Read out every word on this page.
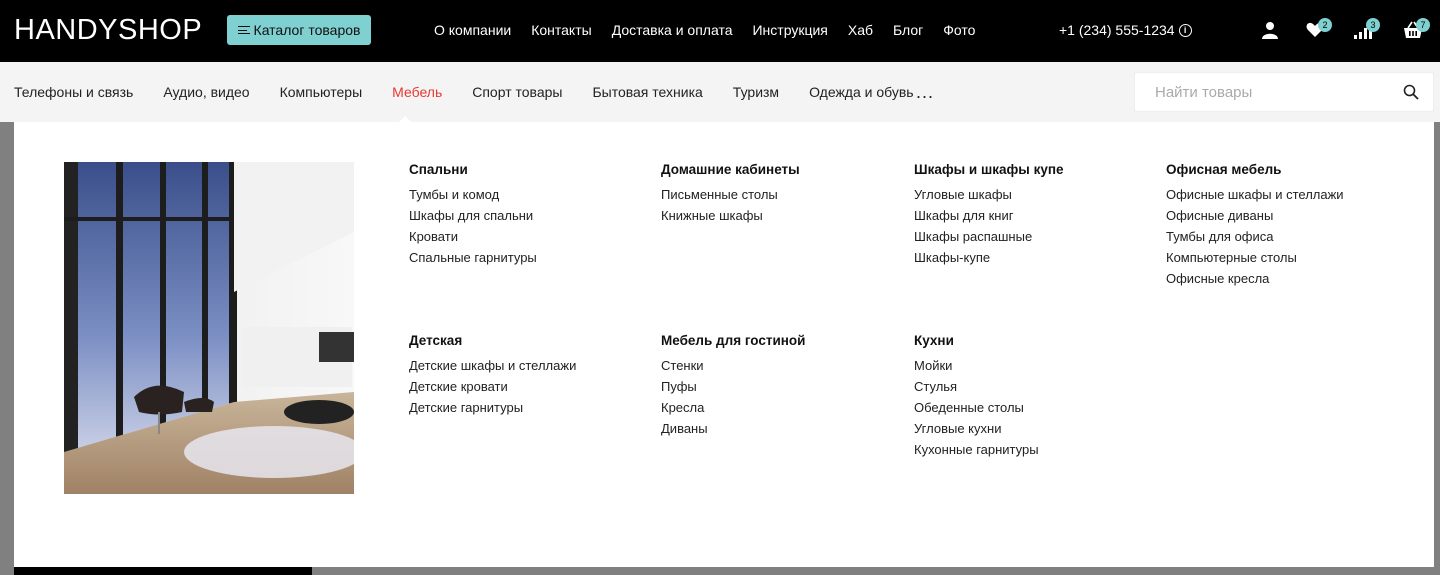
HANDYSHOP	Каталог товаров	О компании Контакты Доставка и оплата Инструкция Хаб Блог Фото	+1 (234) 555-1234	i	2	3	7
Телефоны и связь Аудио, видео Компьютеры Мебель Спорт товары Бытовая техника Туризм Одежда и обувь ...
Найти товары
Спальни
Тумбы и комод
Шкафы для спальни
Кровати
Спальные гарнитуры
Домашние кабинеты
Письменные столы
Книжные шкафы
Шкафы и шкафы купе
Угловые шкафы
Шкафы для книг
Шкафы распашные
Шкафы-купе
Офисная мебель
Офисные шкафы и стеллажи
Офисные диваны
Тумбы для офиса
Компьютерные столы
Офисные кресла
Детская
Детские шкафы и стеллажи
Детские кровати
Детские гарнитуры
Мебель для гостиной
Стенки
Пуфы
Кресла
Диваны
Кухни
Мойки
Стулья
Обеденные столы
Угловые кухни
Кухонные гарнитуры
